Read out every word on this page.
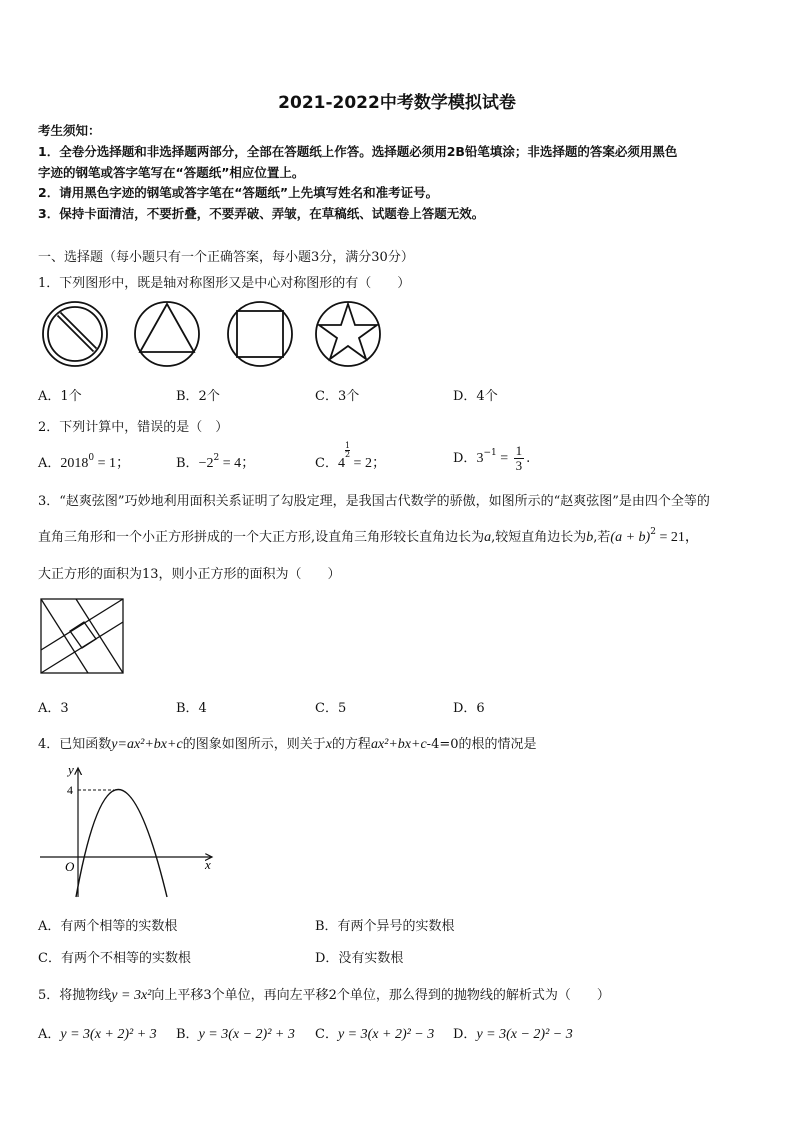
2021-2022中考数学模拟试卷
考生须知：
1．全卷分选择题和非选择题两部分，全部在答题纸上作答。选择题必须用2B铅笔填涂；非选择题的答案必须用黑色
字迹的钢笔或答字笔写在“答题纸”相应位置上。
2．请用黑色字迹的钢笔或答字笔在“答题纸”上先填写姓名和准考证号。
3．保持卡面清洁，不要折叠，不要弄破、弄皱，在草稿纸、试题卷上答题无效。
一、选择题（每小题只有一个正确答案，每小题3分，满分30分）
1．下列图形中，既是轴对称图形又是中心对称图形的有（　　）
A．1个	B．2个	C．3个	D．4个
2．下列计算中，错误的是（　）
A．$2018^0 = 1$；	B．$-2^2 = 4$；	C．4
$\frac{1}{2} = 2$；	D．$3^{-1} = \frac{1}{3}$ .
3．“赵爽弦图”巧妙地利用面积关系证明了勾股定理，是我国古代数学的骄傲，如图所示的“赵爽弦图”是由四个全等的
直角三角形和一个小正方形拼成的一个大正方形,设直角三角形较长直角边长为a,较短直角边长为b,若$(a + b)^2 = 21$，
大正方形的面积为13，则小正方形的面积为（　　）
A．3	B．4	C．5	D．6
4．已知函数y=ax²+bx+c的图象如图所示，则关于x的方程ax²+bx+c-4=0的根的情况是
y
x
O
4
A．有两个相等的实数根	B．有两个异号的实数根
C．有两个不相等的实数根	D．没有实数根
5．将抛物线y = 3x²向上平移3个单位，再向左平移2个单位，那么得到的抛物线的解析式为（　　）
A．y = 3(x + 2)² + 3 B．y = 3(x − 2)² + 3 C．y = 3(x + 2)² − 3 D．y = 3(x − 2)² − 3
